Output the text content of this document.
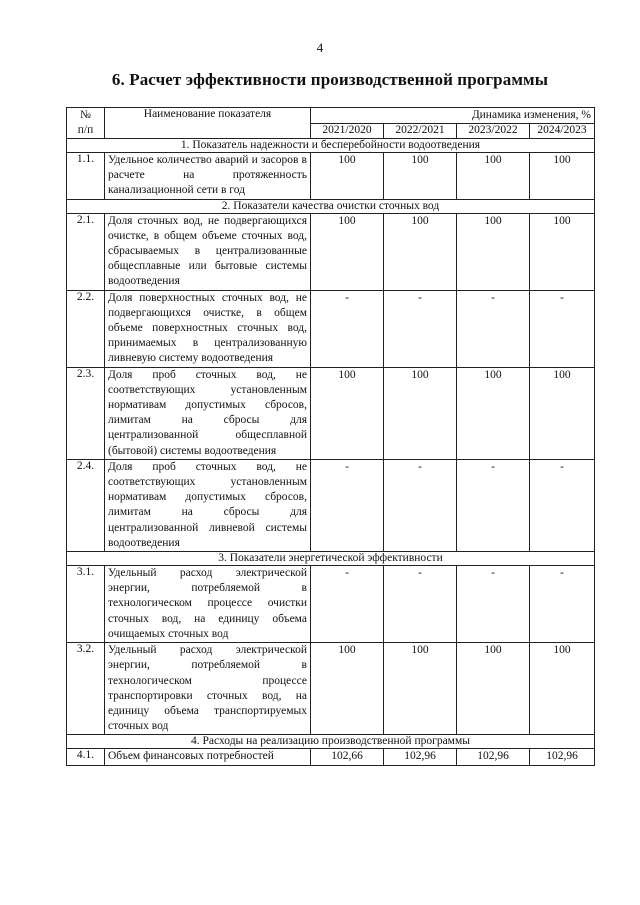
4
6. Расчет эффективности производственной программы
№
п/п	Наименование показателя	Динамика изменения, %			
		2021/2020	2022/2021	2023/2022	2024/2023
1. Показатель надежности и бесперебойности водоотведения					
1.1.	Удельное количество аварий и засоров в расчете на протяженность канализационной сети в год	100	100	100	100
2. Показатели качества очистки сточных вод					
2.1.	Доля сточных вод, не подвергающихся очистке, в общем объеме сточных вод, сбрасываемых в централизованные общесплавные или бытовые системы водоотведения	100	100	100	100
2.2.	Доля поверхностных сточных вод, не подвергающихся очистке, в общем объеме поверхностных сточных вод, принимаемых в централизованную ливневую систему водоотведения	-	-	-	-
2.3.	Доля проб сточных вод, не соответствующих установленным нормативам допустимых сбросов, лимитам на сбросы для централизованной общесплавной (бытовой) системы водоотведения	100	100	100	100
2.4.	Доля проб сточных вод, не соответствующих установленным нормативам допустимых сбросов, лимитам на сбросы для централизованной ливневой системы водоотведения	-	-	-	-
3. Показатели энергетической эффективности					
3.1.	Удельный расход электрической энергии, потребляемой в технологическом процессе очистки сточных вод, на единицу объема очищаемых сточных вод	-	-	-	-
3.2.	Удельный расход электрической энергии, потребляемой в технологическом процессе транспортировки сточных вод, на единицу объема транспортируемых сточных вод	100	100	100	100
4. Расходы на реализацию производственной программы					
4.1.	Объем финансовых потребностей	102,66	102,96	102,96	102,96
